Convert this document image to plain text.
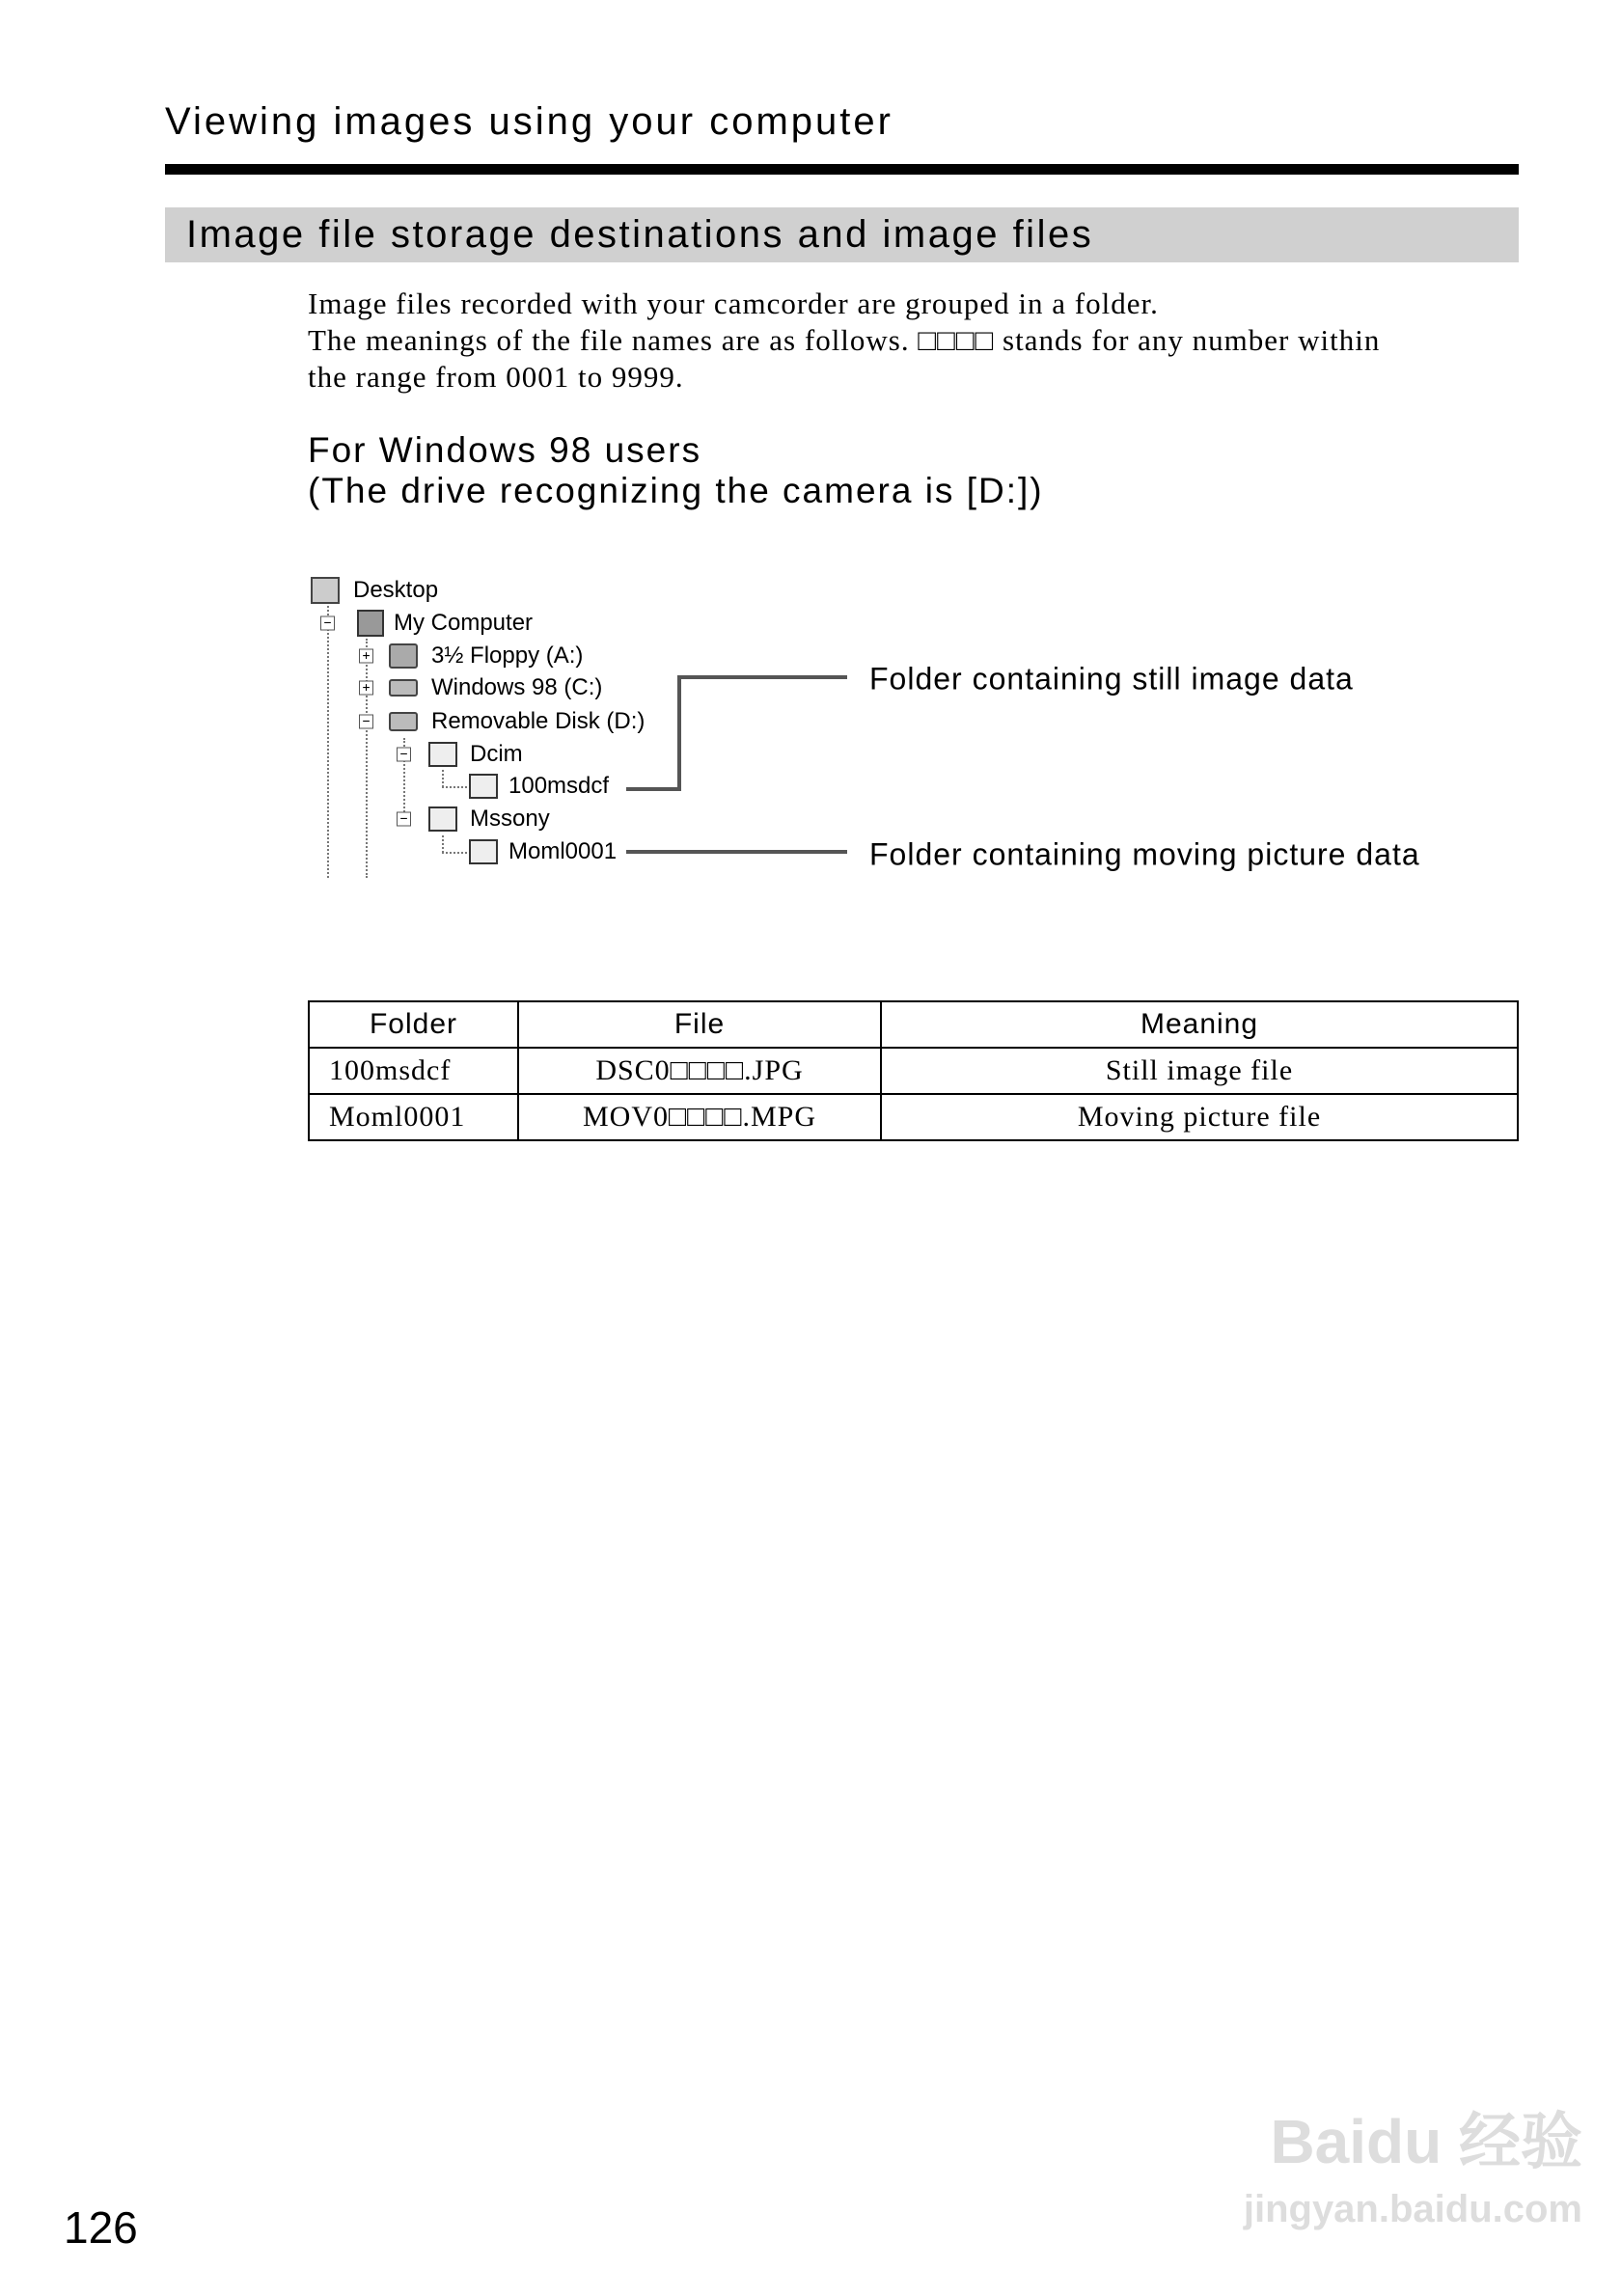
Viewing images using your computer
Image file storage destinations and image files
Image files recorded with your camcorder are grouped in a folder.
The meanings of the file names are as follows. □□□□ stands for any number within
the range from 0001 to 9999.
For Windows 98 users
(The drive recognizing the camera is [D:])
Desktop
−	My Computer
+	3½ Floppy (A:)
+	Windows 98 (C:)
−	Removable Disk (D:)
−	Dcim
100msdcf
−	Mssony
Moml0001
Folder containing still image data
Folder containing moving picture data
Folder	File	Meaning
100msdcf	DSC0□□□□.JPG	Still image file
Moml0001	MOV0□□□□.MPG	Moving picture file
126
Baidu 经验
jingyan.baidu.com
